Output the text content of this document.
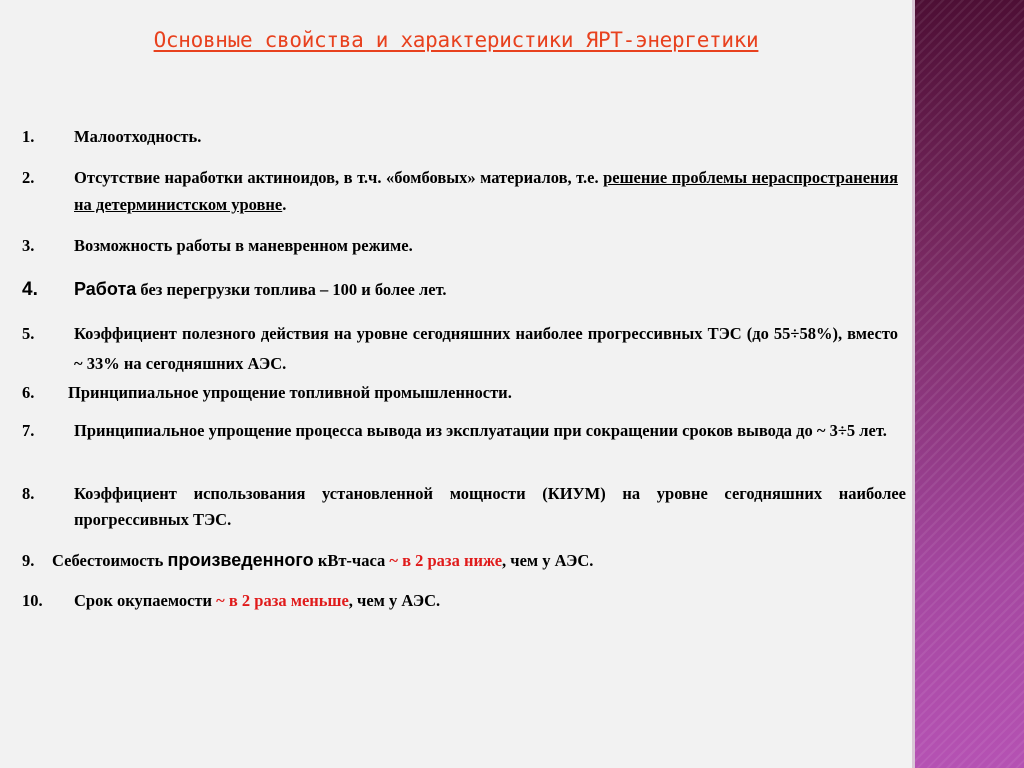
Основные свойства и характеристики ЯРТ-энергетики
1. Малоотходность.
2. Отсутствие наработки актиноидов, в т.ч. «бомбовых» материалов, т.е. решение проблемы нераспространения на детерминистском уровне.
3. Возможность работы в маневренном режиме.
4. Работа без перегрузки топлива – 100 и более лет.
5. Коэффициент полезного действия на уровне сегодняшних наиболее прогрессивных ТЭС (до 55÷58%), вместо ~ 33% на сегодняшних АЭС.
6. Принципиальное упрощение топливной промышленности.
7. Принципиальное упрощение процесса вывода из эксплуатации при сокращении сроков вывода до ~ 3÷5 лет.
8. Коэффициент использования установленной мощности (КИУМ) на уровне сегодняшних наиболее прогрессивных ТЭС.
9. Себестоимость произведенного кВт-часа ~ в 2 раза ниже, чем у АЭС.
10. Срок окупаемости ~ в 2 раза меньше, чем у АЭС.
